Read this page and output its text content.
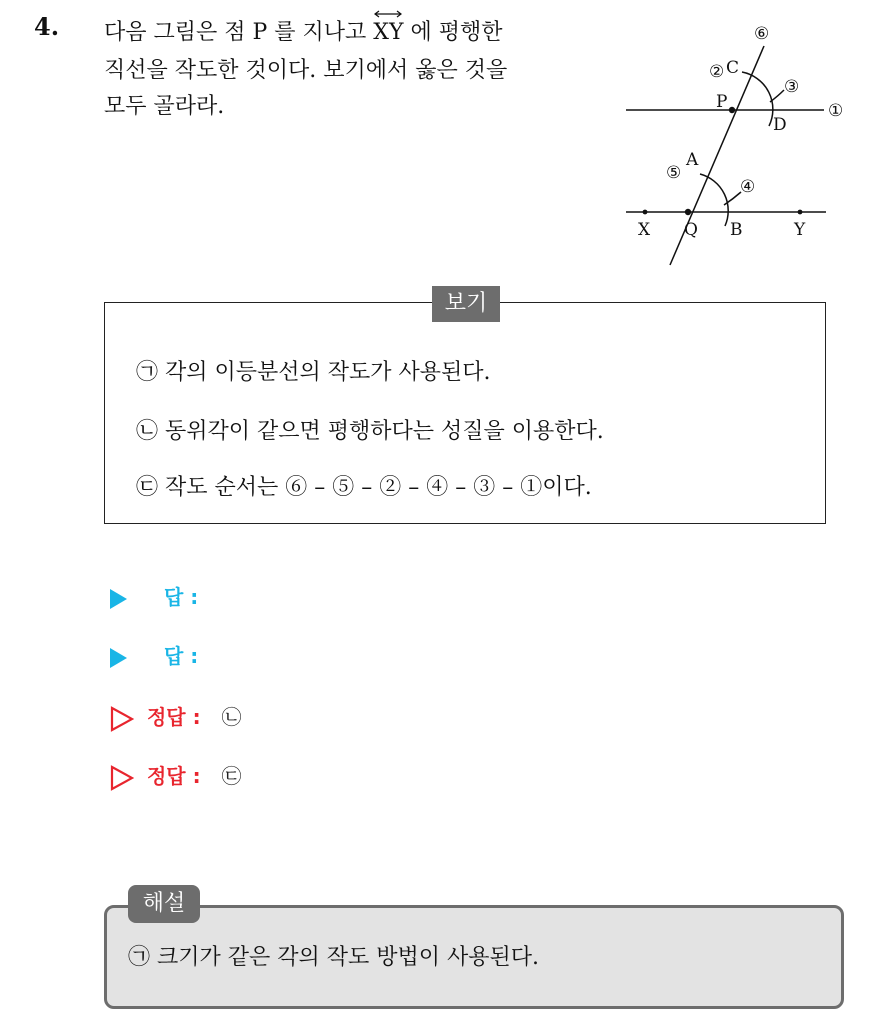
4. 다음 그림은 점 P 를 지나고 XY 에 평행한
직선을 작도한 것이다. 보기에서 옳은 것을
모두 골라라.
⑥
② C
③
P	①
D
⑤
A
④
X Q B	Y
보기
㉠ 각의 이등분선의 작도가 사용된다.
㉡ 동위각이 같으면 평행하다는 성질을 이용한다.
㉢ 작도 순서는 ⑥ – ⑤ – ② – ④ – ③ – ①이다.
답 :
답 :
정답 : ㉡
정답 : ㉢
해설
㉠ 크기가 같은 각의 작도 방법이 사용된다.
